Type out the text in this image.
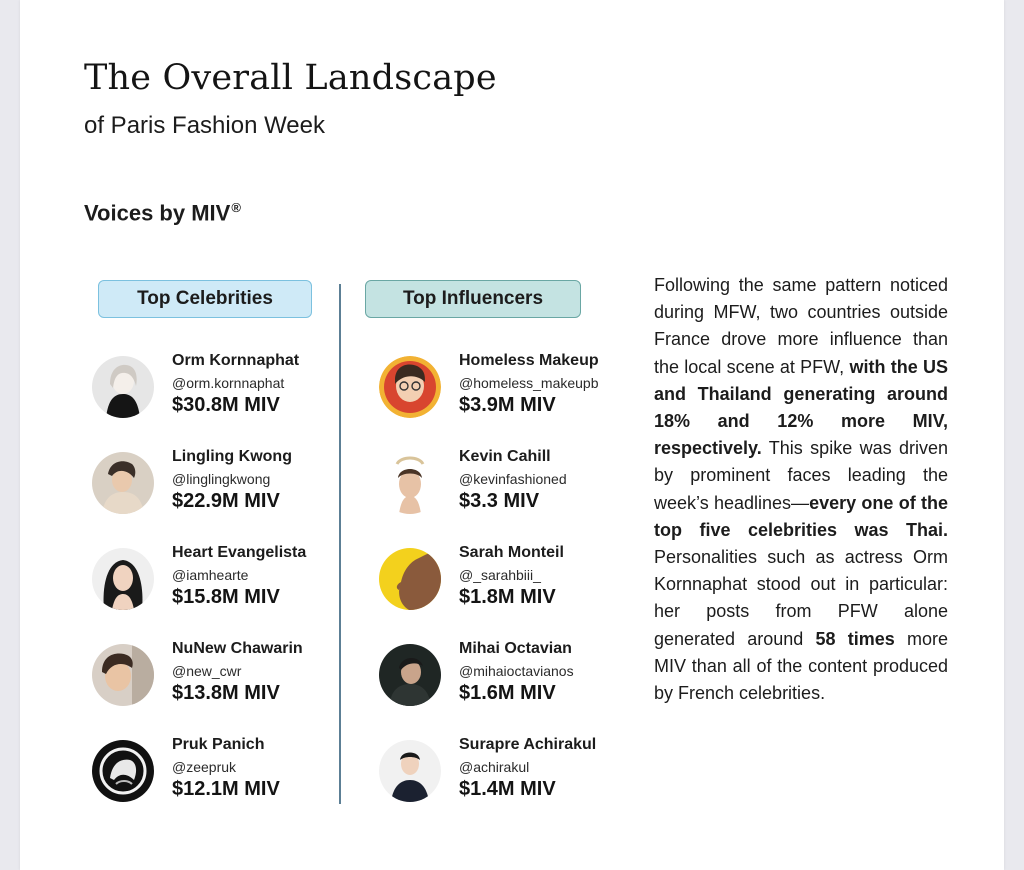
The Overall Landscape
of Paris Fashion Week
Voices by MIV®
Top Celebrities	Top Influencers
Orm Kornnaphat
@orm.kornnaphat
$30.8M MIV
Lingling Kwong
@linglingkwong
$22.9M MIV
Heart Evangelista
@iamhearte
$15.8M MIV
NuNew Chawarin
@new_cwr
$13.8M MIV
Pruk Panich
@zeepruk
$12.1M MIV
Homeless Makeup
@homeless_makeupb
$3.9M MIV
Kevin Cahill
@kevinfashioned
$3.3 MIV
Sarah Monteil
@_sarahbiii_
$1.8M MIV
Mihai Octavian
@mihaioctavianos
$1.6M MIV
Surapre Achirakul
@achirakul
$1.4M MIV
Following the same pattern noticed during MFW, two countries outside France drove more influence than the local scene at PFW, with the US and Thailand generating around 18% and 12% more MIV, respectively. This spike was driven by prominent faces leading the week’s headlines—every one of the top five celebrities was Thai. Personalities such as actress Orm Kornnaphat stood out in particular: her posts from PFW alone generated around 58 times more MIV than all of the content produced by French celebrities.
